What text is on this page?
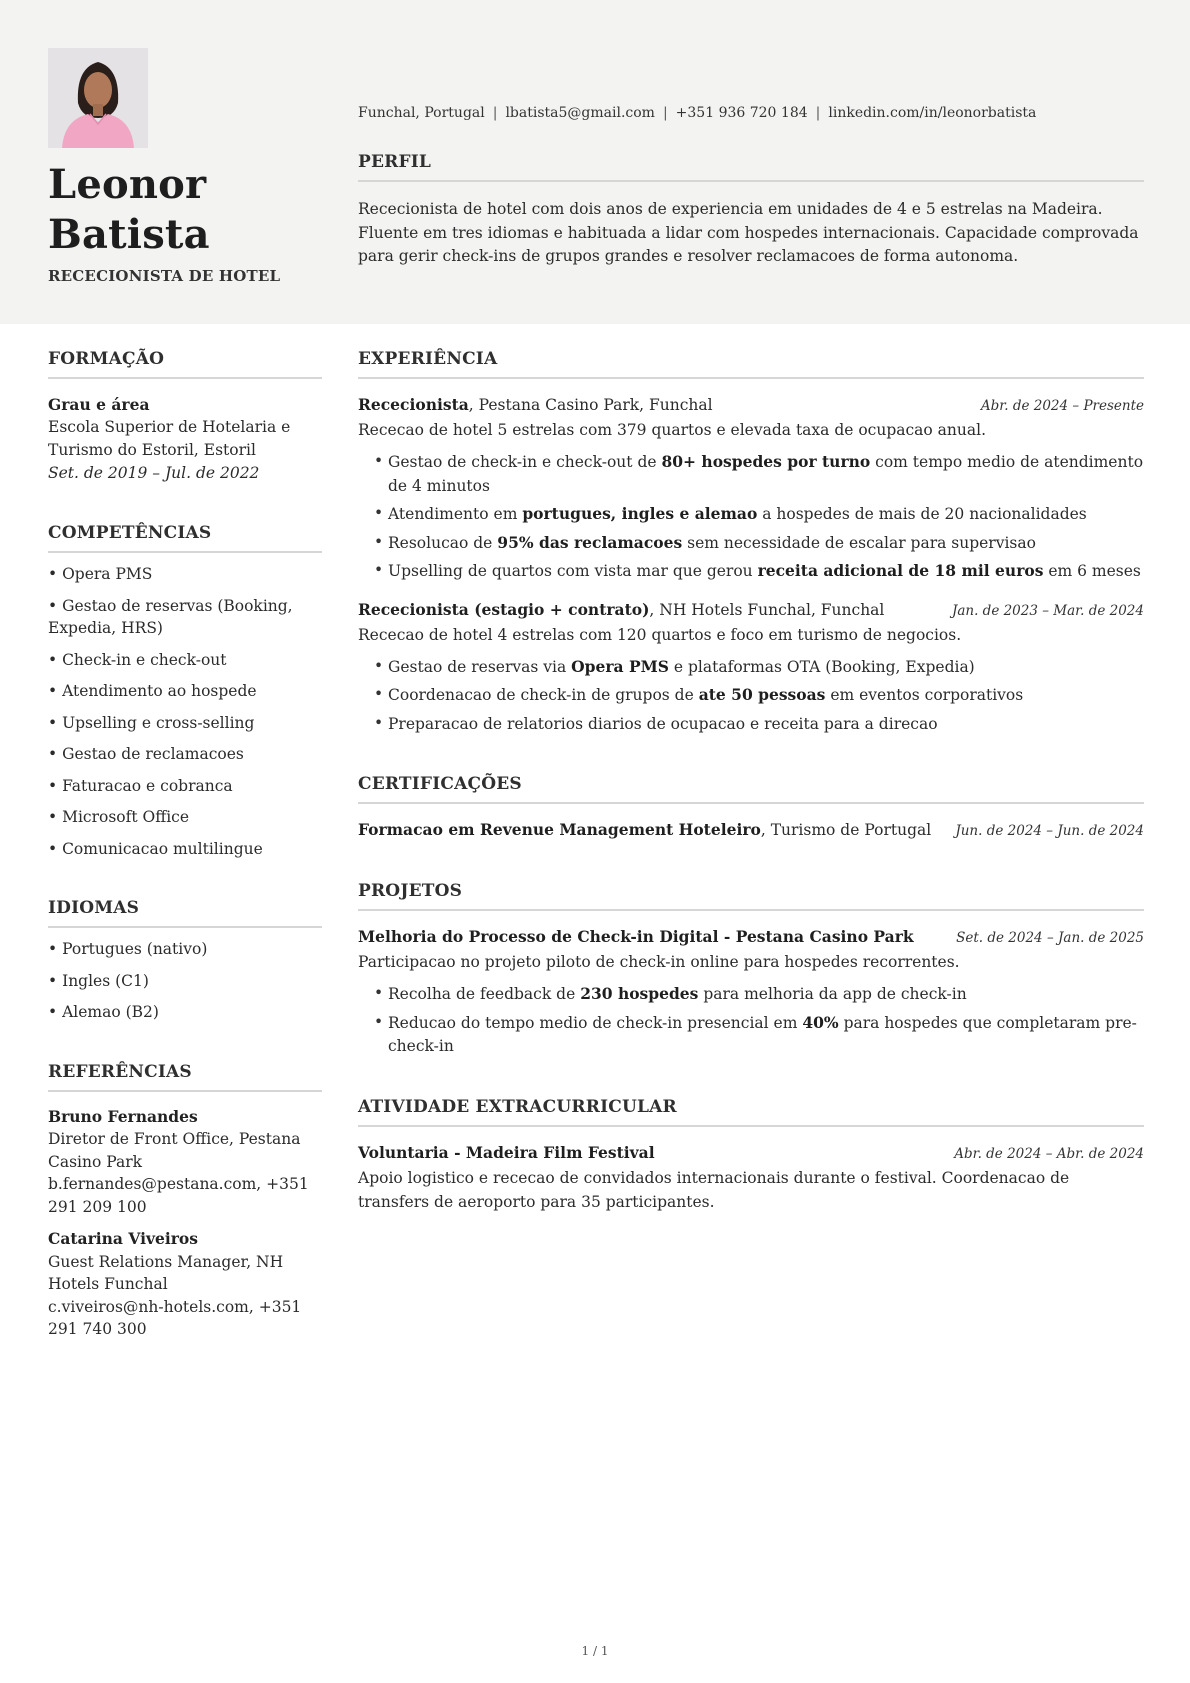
Leonor
Batista
RECECIONISTA DE HOTEL
Funchal, Portugal | lbatista5@gmail.com | +351 936 720 184 | linkedin.com/in/leonorbatista
PERFIL

Rececionista de hotel com dois anos de experiencia em unidades de 4 e 5 estrelas na Madeira. Fluente em tres idiomas e habituada a lidar com hospedes internacionais. Capacidade comprovada para gerir check-ins de grupos grandes e resolver reclamacoes de forma autonoma.

FORMAÇÃO
Grau e área
Escola Superior de Hotelaria e Turismo do Estoril, Estoril
Set. de 2019 – Jul. de 2022
COMPETÊNCIAS
• Opera PMS
• Gestao de reservas (Booking, Expedia, HRS)
• Check-in e check-out
• Atendimento ao hospede
• Upselling e cross-selling
• Gestao de reclamacoes
• Faturacao e cobranca
• Microsoft Office
• Comunicacao multilingue
IDIOMAS
• Portugues (nativo)
• Ingles (C1)
• Alemao (B2)
REFERÊNCIAS
Bruno Fernandes
Diretor de Front Office, Pestana Casino Park
b.fernandes@pestana.com, +351 291 209 100
Catarina Viveiros
Guest Relations Manager, NH Hotels Funchal
c.viveiros@nh-hotels.com, +351 291 740 300
EXPERIÊNCIA
Rececionista, Pestana Casino Park, Funchal	Abr. de 2024 – Presente
Rececao de hotel 5 estrelas com 379 quartos e elevada taxa de ocupacao anual.
• Gestao de check-in e check-out de 80+ hospedes por turno com tempo medio de atendimento de 4 minutos
• Atendimento em portugues, ingles e alemao a hospedes de mais de 20 nacionalidades
• Resolucao de 95% das reclamacoes sem necessidade de escalar para supervisao
• Upselling de quartos com vista mar que gerou receita adicional de 18 mil euros em 6 meses
Rececionista (estagio + contrato), NH Hotels Funchal, Funchal	Jan. de 2023 – Mar. de 2024
Rececao de hotel 4 estrelas com 120 quartos e foco em turismo de negocios.
• Gestao de reservas via Opera PMS e plataformas OTA (Booking, Expedia)
• Coordenacao de check-in de grupos de ate 50 pessoas em eventos corporativos
• Preparacao de relatorios diarios de ocupacao e receita para a direcao
CERTIFICAÇÕES
Formacao em Revenue Management Hoteleiro, Turismo de Portugal Jun. de 2024 – Jun. de 2024
PROJETOS
Melhoria do Processo de Check-in Digital - Pestana Casino Park	Set. de 2024 – Jan. de 2025
Participacao no projeto piloto de check-in online para hospedes recorrentes.
• Recolha de feedback de 230 hospedes para melhoria da app de check-in
• Reducao do tempo medio de check-in presencial em 40% para hospedes que completaram pre-check-in
ATIVIDADE EXTRACURRICULAR
Voluntaria - Madeira Film Festival	Abr. de 2024 – Abr. de 2024
Apoio logistico e rececao de convidados internacionais durante o festival. Coordenacao de transfers de aeroporto para 35 participantes.
1 / 1
